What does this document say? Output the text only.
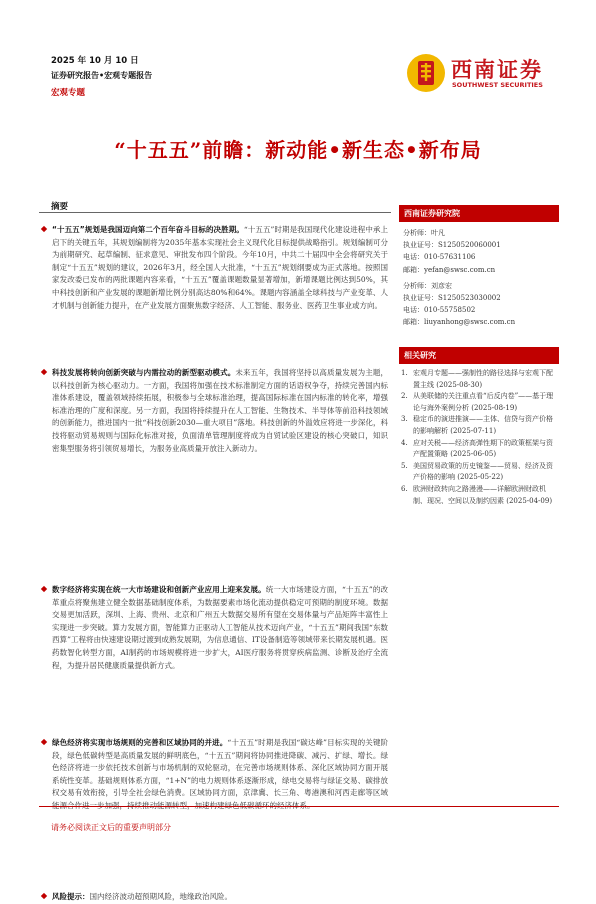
2025 年 10 月 10 日
证券研究报告•宏观专题报告
宏观专题
西南证券
SOUTHWEST SECURITIES
“十五五”前瞻：新动能•新生态•新布局
摘要
“十五五”规划是我国迈向第二个百年奋斗目标的决胜期。“十五五”时期是我国现代化建设进程中承上启下的关键五年，其规划编制将为2035年基本实现社会主义现代化目标提供战略指引。规划编制可分为前期研究、起草编制、征求意见、审批发布四个阶段。今年10月，中共二十届四中全会将研究关于制定“十五五”规划的建议，2026年3月，经全国人大批准，“十五五”规划纲要成为正式落地。按照国家发改委已发布的两批课题内容来看，“十五五”覆盖课题数量显著增加，新增课题比例达到50%，其中科技创新和产业发展的课题新增比例分别高达80%和64%。课题内容涵盖全球科技与产业变革、人才机制与创新能力提升，在产业发展方面聚焦数字经济、人工智能、服务业、医药卫生事业或方向。
科技发展将转向创新突破与内需拉动的新型驱动模式。未来五年，我国将坚持以高质量发展为主题，以科技创新为核心驱动力。一方面，我国将加强在技术标准制定方面的话语权争夺，持续完善国内标准体系建设，覆盖领域持续拓展，积极参与全球标准治理，提高国际标准在国内标准的转化率，增强标准治理的广度和深度。另一方面，我国将持续提升在人工智能、生物技术、半导体等前沿科技领域的创新能力，推进国内一批“科技创新2030—重大项目”落地。科技创新的外溢效应将进一步深化，科技将驱动贸易规则与国际化标准对接，负面清单管理制度将成为自贸试验区建设的核心突破口，知识密集型服务将引领贸易增长，为服务业高质量开放注入新动力。
数字经济将实现在统一大市场建设和创新产业应用上迎来发展。统一大市场建设方面，“十五五”的改革重点将聚焦建立健全数据基础制度体系，为数据要素市场化流动提供稳定可预期的制度环境。数据交易更加活跃，深圳、上海、贵州、北京和广州五大数据交易所有望在交易体量与产品矩阵丰富性上实现进一步突破。算力发展方面，智能算力正驱动人工智能从技术迈向产业，“十五五”期间我国“东数西算”工程将由快速建设期过渡到成熟发展期，为信息通信、IT设备制造等领域带来长期发展机遇。医药数智化转型方面，AI制药的市场规模将进一步扩大，AI医疗服务将贯穿疾病监测、诊断及治疗全流程，为提升居民健康质量提供新方式。
绿色经济将实现市场规则的完善和区域协同的并进。“十五五”时期是我国“碳达峰”目标实现的关键阶段，绿色低碳转型是高质量发展的鲜明底色，“十五五”期间将协同推进降碳、减污、扩绿、增长。绿色经济将进一步依托技术创新与市场机制的双轮驱动，在完善市场规则体系、深化区域协同方面开展系统性变革。基础规则体系方面，“1+N”的电力规则体系逐渐形成，绿电交易将与绿证交易、碳排放权交易有效衔接，引导全社会绿色消费。区域协同方面，京津冀、长三角、粤港澳和河西走廊等区域
风险提示：国内经济波动超预期风险，地缘政治风险。
西南证券研究院
分析师：叶凡
执业证号：S1250520060001
电话：010-57631106
邮箱：yefan@swsc.com.cn
分析师：刘彦宏
执业证号：S1250523030002
电话：010-55758502
邮箱：liuyanhong@swsc.com.cn
相关研究
1. 宏观月专题——强制性的路径选择与宏观下配置主线 (2025-08-30)
2. 从美联储的关注重点看“后反内卷”——基于理论与海外案例分析 (2025-08-19)
3. 稳定币的演进推演——主体、信贷与资产价格的影响解析 (2025-07-11)
4. 应对关税——经济高弹性期下的政策框架与资产配置策略 (2025-06-05)
5. 美国贸易政策的历史镜鉴——贸易、经济及资产价格的影响 (2025-05-22)
6. 欧洲财政转向之路漫漫——详解欧洲财政机制、现况、空间以及制约因素 (2025-04-09)
请务必阅读正文后的重要声明部分
